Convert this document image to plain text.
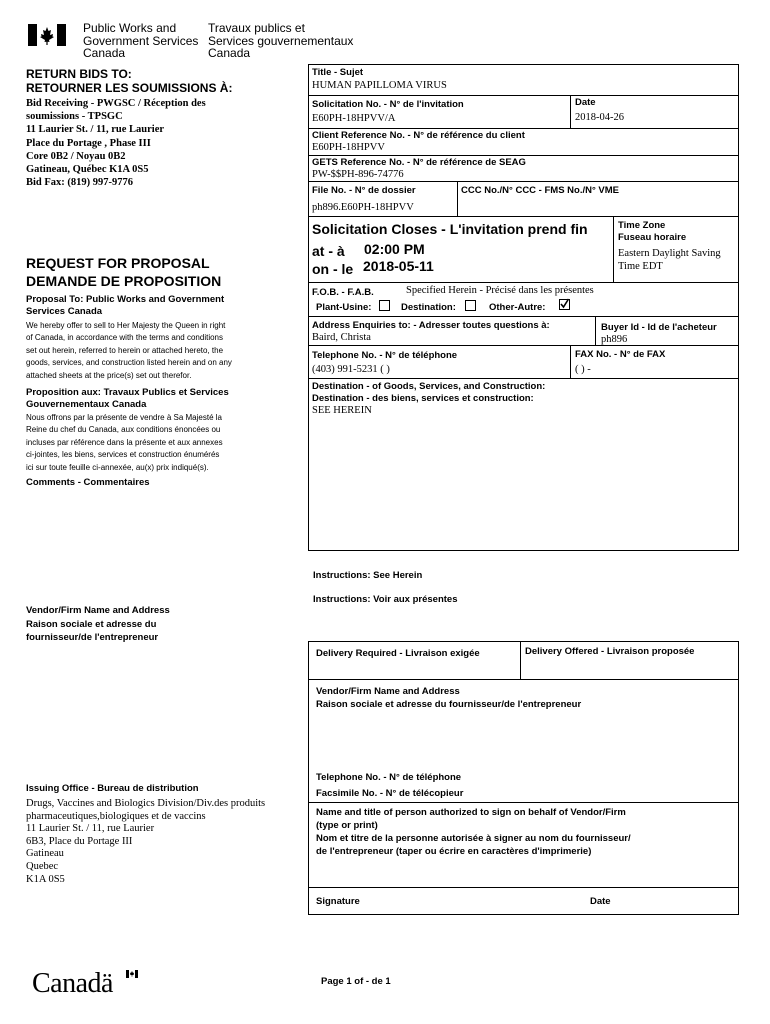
Public Works and
Government Services
Canada
Travaux publics et
Services gouvernementaux
Canada
RETURN BIDS TO:
RETOURNER LES SOUMISSIONS À:
Bid Receiving - PWGSC / Réception des
soumissions - TPSGC
11 Laurier St. / 11, rue Laurier
Place du Portage , Phase III
Core 0B2 / Noyau 0B2
Gatineau, Québec K1A 0S5
Bid Fax: (819) 997-9776
REQUEST FOR PROPOSAL
DEMANDE DE PROPOSITION
Proposal To: Public Works and Government
Services Canada
We hereby offer to sell to Her Majesty the Queen in right
of Canada, in accordance with the terms and conditions
set out herein, referred to herein or attached hereto, the
goods, services, and construction listed herein and on any
attached sheets at the price(s) set out therefor.
Proposition aux: Travaux Publics et Services
Gouvernementaux Canada
Nous offrons par la présente de vendre à Sa Majesté la
Reine du chef du Canada, aux conditions énoncées ou
incluses par référence dans la présente et aux annexes
ci-jointes, les biens, services et construction énumérés
ici sur toute feuille ci-annexée, au(x) prix indiqué(s).
Comments - Commentaires
Vendor/Firm Name and Address
Raison sociale et adresse du
fournisseur/de l'entrepreneur
Issuing Office - Bureau de distribution
Drugs, Vaccines and Biologics Division/Div.des produits
pharmaceutiques,biologiques et de vaccins
11 Laurier St. / 11, rue Laurier
6B3, Place du Portage III
Gatineau
Quebec
K1A 0S5
Title - Sujet
HUMAN PAPILLOMA VIRUS
Solicitation No. - N° de l'invitation
E60PH-18HPVV/A
Date
2018-04-26
Client Reference No. - N° de référence du client
E60PH-18HPVV
GETS Reference No. - N° de référence de SEAG
PW-$$PH-896-74776
File No. - N° de dossier
ph896.E60PH-18HPVV
CCC No./N° CCC - FMS No./N° VME
Solicitation Closes - L'invitation prend fin
at - à 02:00 PM
on - le 2018-05-11
Time Zone
Fuseau horaire
Eastern Daylight Saving
Time EDT
F.O.B. - F.A.B.	Specified Herein - Précisé dans les présentes
Plant-Usine:	Destination:	Other-Autre:
Address Enquiries to: - Adresser toutes questions à:
Baird, Christa
Buyer Id - Id de l'acheteur
ph896
Telephone No. - N° de téléphone
(403) 991-5231 ( )
FAX No. - N° de FAX
( ) -
Destination - of Goods, Services, and Construction:
Destination - des biens, services et construction:
SEE HEREIN
Instructions: See Herein
Instructions: Voir aux présentes
Delivery Required - Livraison exigée	Delivery Offered - Livraison proposée
Vendor/Firm Name and Address
Raison sociale et adresse du fournisseur/de l'entrepreneur
Telephone No. - N° de téléphone
Facsimile No. - N° de télécopieur
Name and title of person authorized to sign on behalf of Vendor/Firm
(type or print)
Nom et titre de la personne autorisée à signer au nom du fournisseur/
de l'entrepreneur (taper ou écrire en caractères d'imprimerie)
Signature	Date
Canadä	Page 1 of - de 1
